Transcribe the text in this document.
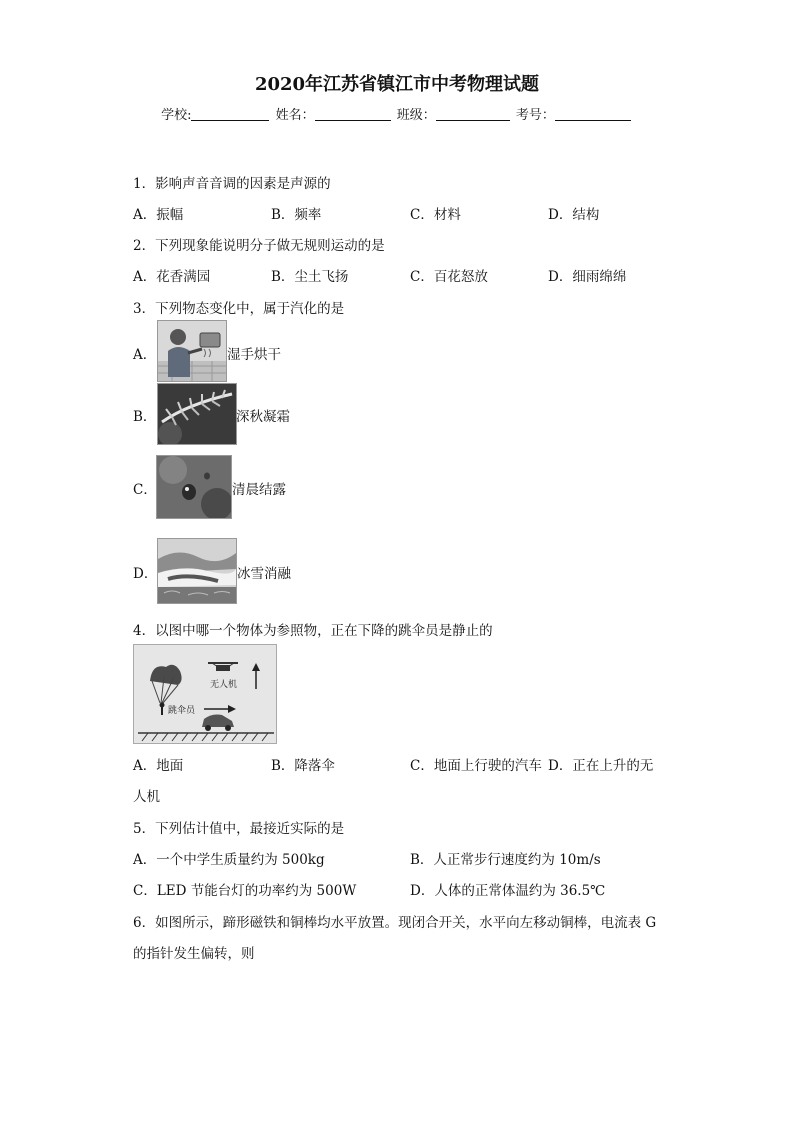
2020年江苏省镇江市中考物理试题
学校:	姓名：	班级：	考号：
1．影响声音音调的因素是声源的
A．振幅	B．频率	C．材料	D．结构
2．下列现象能说明分子做无规则运动的是
A．花香满园	B．尘土飞扬	C．百花怒放	D．细雨绵绵
3．下列物态变化中，属于汽化的是
A．	湿手烘干
B．	深秋凝霜
C．	清晨结露
D．	冰雪消融
4．以图中哪一个物体为参照物，正在下降的跳伞员是静止的
无人机
跳伞员
A．地面	B．降落伞	C．地面上行驶的汽车 D．正在上升的无
人机
5．下列估计值中，最接近实际的是
A．一个中学生质量约为 500kg	B．人正常步行速度约为 10m/s
C．LED 节能台灯的功率约为 500W	D．人体的正常体温约为 36.5℃
6．如图所示，蹄形磁铁和铜棒均水平放置。现闭合开关，水平向左移动铜棒，电流表 G
的指针发生偏转，则
